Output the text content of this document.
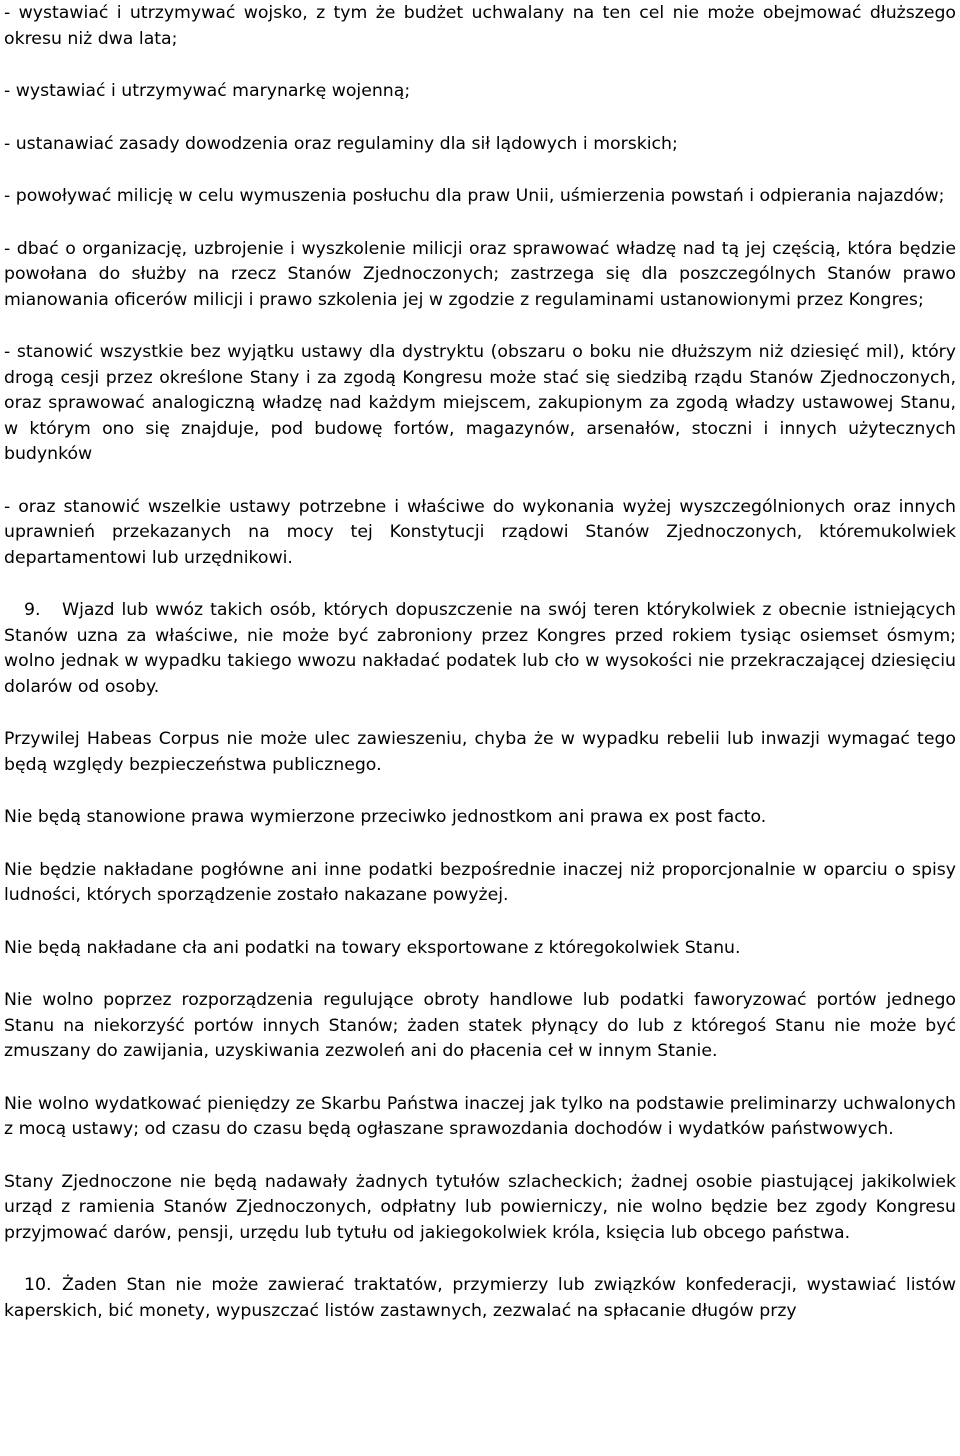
- wystawiać i utrzymywać wojsko, z tym że budżet uchwalany na ten cel nie może obejmować dłuższego okresu niż dwa lata;

- wystawiać i utrzymywać marynarkę wojenną;

- ustanawiać zasady dowodzenia oraz regulaminy dla sił lądowych i morskich;

- powoływać milicję w celu wymuszenia posłuchu dla praw Unii, uśmierzenia powstań i odpierania najazdów;

- dbać o organizację, uzbrojenie i wyszkolenie milicji oraz sprawować władzę nad tą jej częścią, która będzie powołana do służby na rzecz Stanów Zjednoczonych; zastrzega się dla poszczególnych Stanów prawo mianowania oficerów milicji i prawo szkolenia jej w zgodzie z regulaminami ustanowionymi przez Kongres;

- stanowić wszystkie bez wyjątku ustawy dla dystryktu (obszaru o boku nie dłuższym niż dziesięć mil), który drogą cesji przez określone Stany i za zgodą Kongresu może stać się siedzibą rządu Stanów Zjednoczonych, oraz sprawować analogiczną władzę nad każdym miejscem, zakupionym za zgodą władzy ustawowej Stanu, w którym ono się znajduje, pod budowę fortów, magazynów, arsenałów, stoczni i innych użytecznych budynków

- oraz stanowić wszelkie ustawy potrzebne i właściwe do wykonania wyżej wyszczególnionych oraz innych uprawnień przekazanych na mocy tej Konstytucji rządowi Stanów Zjednoczonych, któremukolwiek departamentowi lub urzędnikowi.

9. Wjazd lub wwóz takich osób, których dopuszczenie na swój teren którykolwiek z obecnie istniejących Stanów uzna za właściwe, nie może być zabroniony przez Kongres przed rokiem tysiąc osiemset ósmym; wolno jednak w wypadku takiego wwozu nakładać podatek lub cło w wysokości nie przekraczającej dziesięciu dolarów od osoby.

Przywilej Habeas Corpus nie może ulec zawieszeniu, chyba że w wypadku rebelii lub inwazji wymagać tego będą względy bezpieczeństwa publicznego.

Nie będą stanowione prawa wymierzone przeciwko jednostkom ani prawa ex post facto.

Nie będzie nakładane pogłówne ani inne podatki bezpośrednie inaczej niż proporcjonalnie w oparciu o spisy ludności, których sporządzenie zostało nakazane powyżej.

Nie będą nakładane cła ani podatki na towary eksportowane z któregokolwiek Stanu.

Nie wolno poprzez rozporządzenia regulujące obroty handlowe lub podatki faworyzować portów jednego Stanu na niekorzyść portów innych Stanów; żaden statek płynący do lub z któregoś Stanu nie może być zmuszany do zawijania, uzyskiwania zezwoleń ani do płacenia ceł w innym Stanie.

Nie wolno wydatkować pieniędzy ze Skarbu Państwa inaczej jak tylko na podstawie preliminarzy uchwalonych z mocą ustawy; od czasu do czasu będą ogłaszane sprawozdania dochodów i wydatków państwowych.

Stany Zjednoczone nie będą nadawały żadnych tytułów szlacheckich; żadnej osobie piastującej jakikolwiek urząd z ramienia Stanów Zjednoczonych, odpłatny lub powierniczy, nie wolno będzie bez zgody Kongresu przyjmować darów, pensji, urzędu lub tytułu od jakiegokolwiek króla, księcia lub obcego państwa.

10. Żaden Stan nie może zawierać traktatów, przymierzy lub związków konfederacji, wystawiać listów kaperskich, bić monety, wypuszczać listów zastawnych, zezwalać na spłacanie długów przy
